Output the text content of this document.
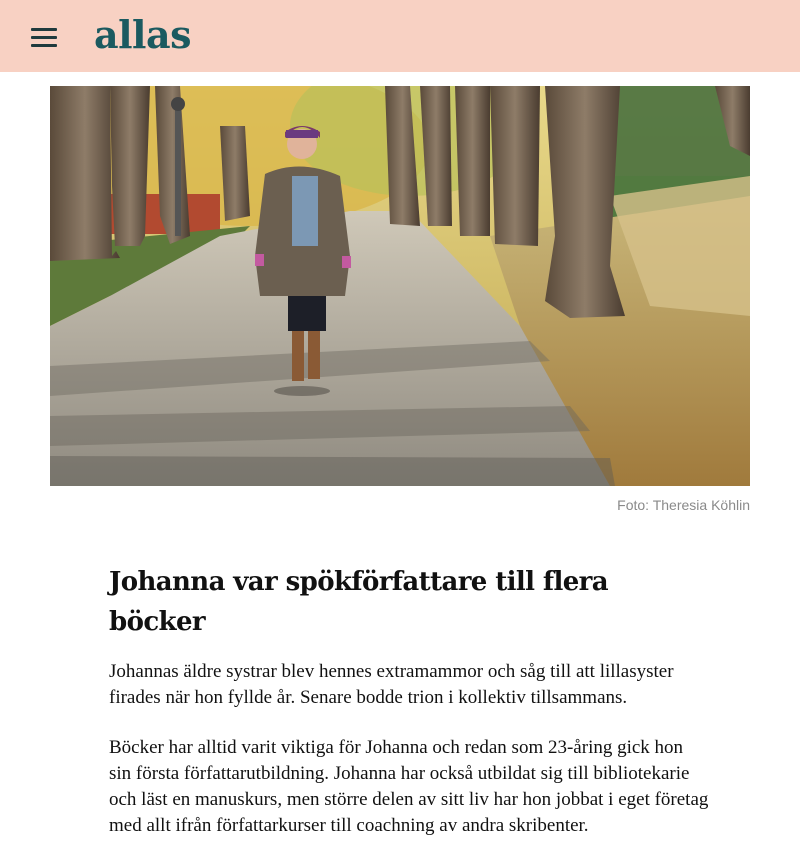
allas
Foto: Theresia Köhlin
Johanna var spökförfattare till flera böcker

Johannas äldre systrar blev hennes extramammor och såg till att lillasyster firades när hon fyllde år. Senare bodde trion i kollektiv tillsammans.

Böcker har alltid varit viktiga för Johanna och redan som 23-åring gick hon sin första författarutbildning. Johanna har också utbildat sig till bibliotekarie och läst en manuskurs, men större delen av sitt liv har hon jobbat i eget företag med allt ifrån författarkurser till coachning av andra skribenter.
